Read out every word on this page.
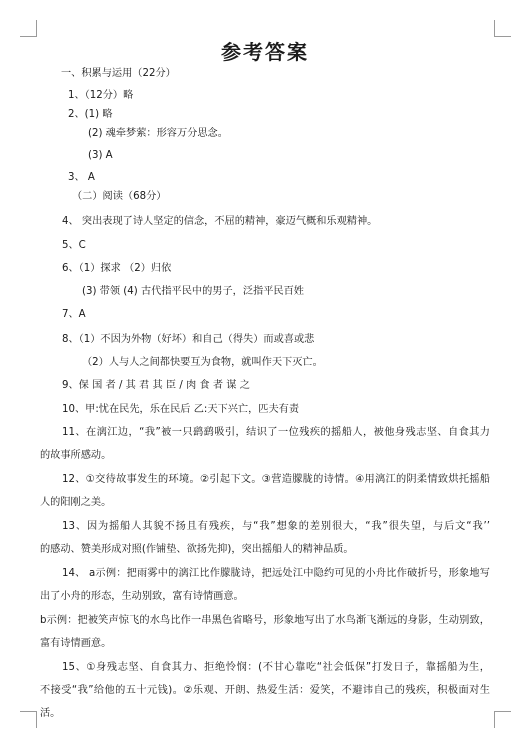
参考答案
一、积累与运用（22分）
1、（12分）略
2、(1) 略
(2) 魂牵梦萦：形容万分思念。
(3) A
3、 A
（二）阅读（68分）
4、 突出表现了诗人坚定的信念，不屈的精神，豪迈气概和乐观精神。
5、C
6、（1）探求 （2）归依
(3) 带领 (4) 古代指平民中的男子，泛指平民百姓
7、A
8、（1）不因为外物（好坏）和自己（得失）而或喜或悲
（2）人与人之间都快要互为食物，就叫作天下灭亡。
9、保 国 者 / 其 君 其 臣 / 肉 食 者 谋 之
10、甲:忧在民先，乐在民后 乙:天下兴亡，匹夫有责
11、在漓江边，“我”被一只鹞鹞吸引，结识了一位残疾的摇船人，被他身残志坚、自食其力
的故事所感动。
12、①交待故事发生的环境。②引起下文。③营造朦胧的诗情。④用漓江的阴柔情致烘托摇船
人的阳刚之美。
13、因为摇船人其貌不扬且有残疾，与“我”想象的差别很大，“我”很失望，与后文“我’’
的感动、赞美形成对照(作铺垫、欲扬先抑)，突出摇船人的精神品质。
14、 a示例：把雨雾中的漓江比作朦胧诗，把远处江中隐约可见的小舟比作破折号，形象地写
出了小舟的形态，生动别致，富有诗情画意。
b示例：把被笑声惊飞的水鸟比作一串黑色省略号，形象地写出了水鸟渐飞渐远的身影，生动别致，
富有诗情画意。
15、①身残志坚、自食其力、拒绝怜悯：(不甘心靠吃“社会低保”打发日子，靠摇船为生，
不接受“我”给他的五十元钱)。②乐观、开朗、热爱生活：爱笑，不避讳自己的残疾，积极面对生
活。
